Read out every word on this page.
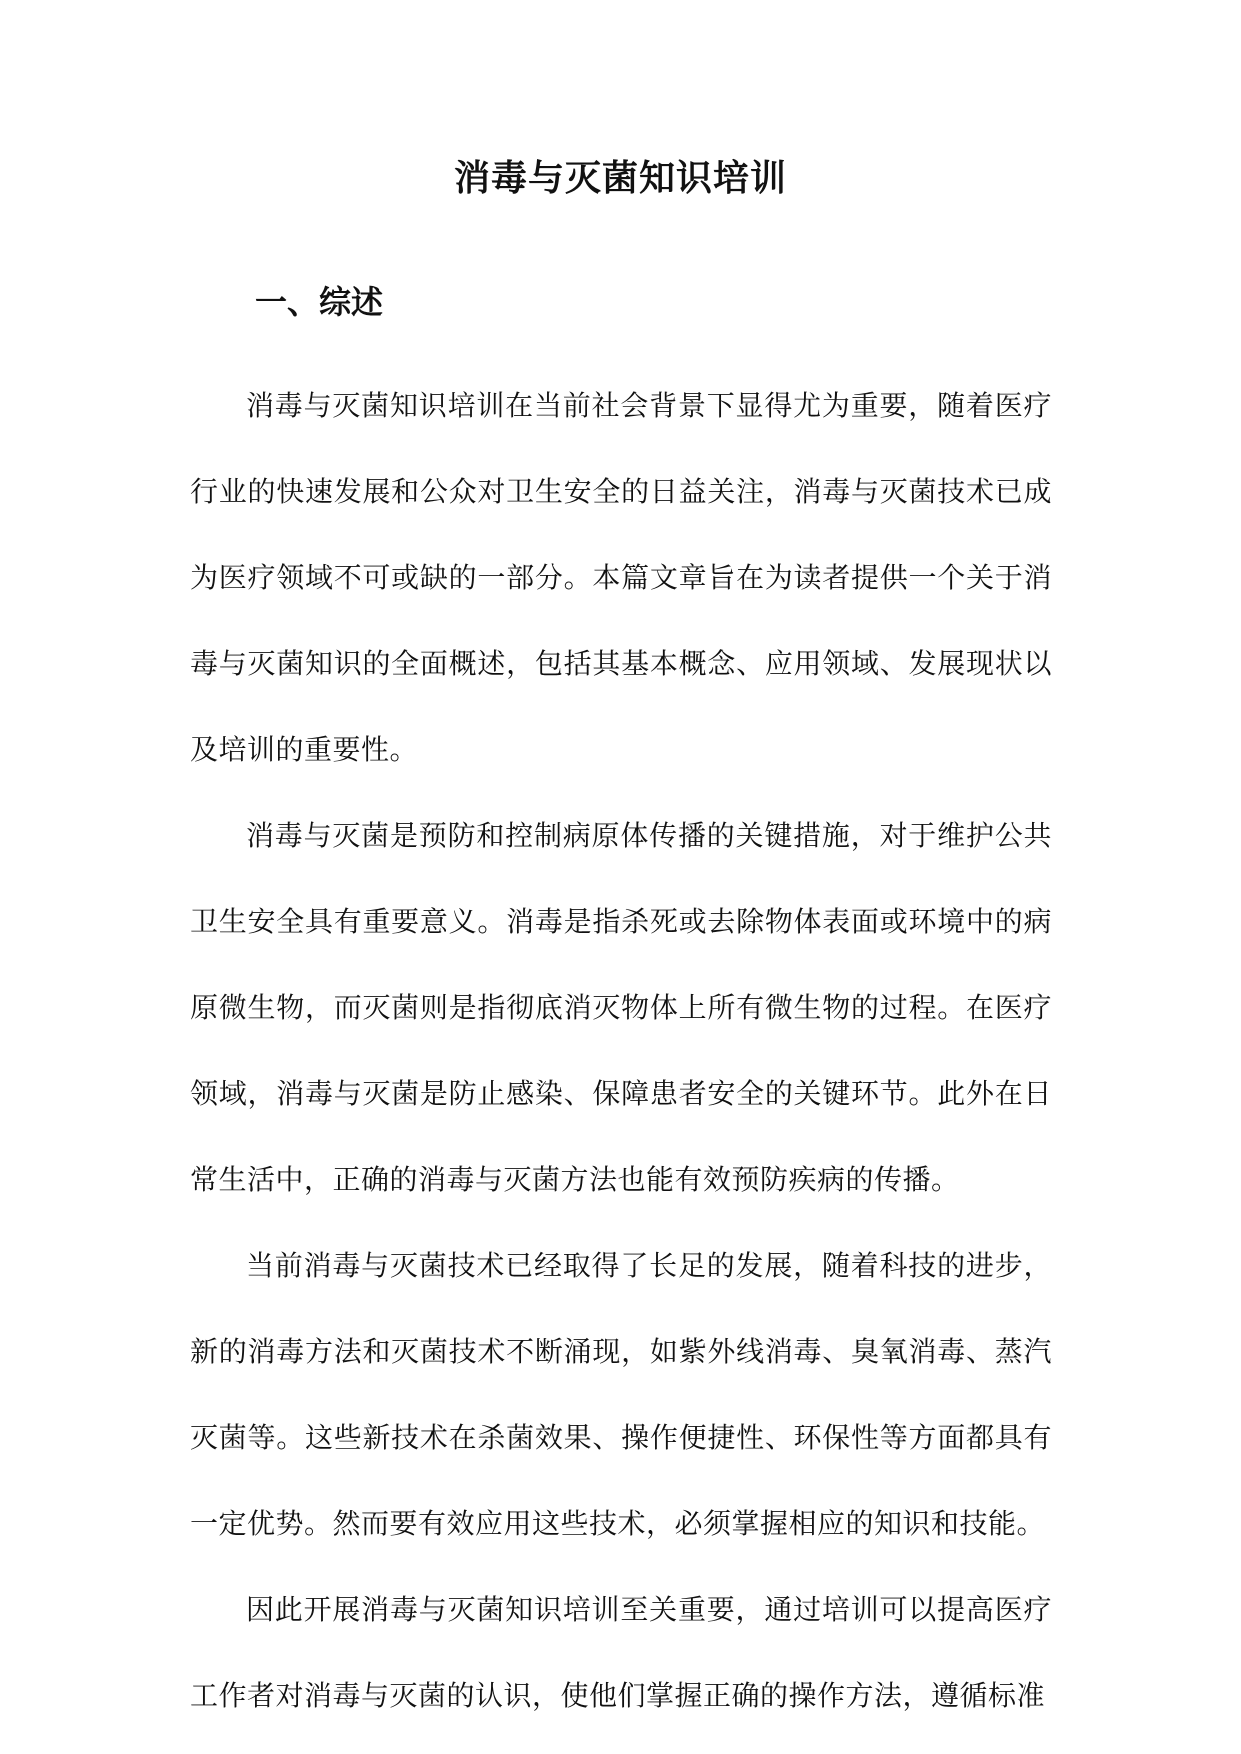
消毒与灭菌知识培训
一、综述

消毒与灭菌知识培训在当前社会背景下显得尤为重要，随着医疗行业的快速发展和公众对卫生安全的日益关注，消毒与灭菌技术已成为医疗领域不可或缺的一部分。本篇文章旨在为读者提供一个关于消毒与灭菌知识的全面概述，包括其基本概念、应用领域、发展现状以及培训的重要性。

消毒与灭菌是预防和控制病原体传播的关键措施，对于维护公共卫生安全具有重要意义。消毒是指杀死或去除物体表面或环境中的病原微生物，而灭菌则是指彻底消灭物体上所有微生物的过程。在医疗领域，消毒与灭菌是防止感染、保障患者安全的关键环节。此外在日常生活中，正确的消毒与灭菌方法也能有效预防疾病的传播。

当前消毒与灭菌技术已经取得了长足的发展，随着科技的进步，新的消毒方法和灭菌技术不断涌现，如紫外线消毒、臭氧消毒、蒸汽灭菌等。这些新技术在杀菌效果、操作便捷性、环保性等方面都具有一定优势。然而要有效应用这些技术，必须掌握相应的知识和技能。

因此开展消毒与灭菌知识培训至关重要，通过培训可以提高医疗工作者对消毒与灭菌的认识，使他们掌握正确的操作方法，遵循标准
